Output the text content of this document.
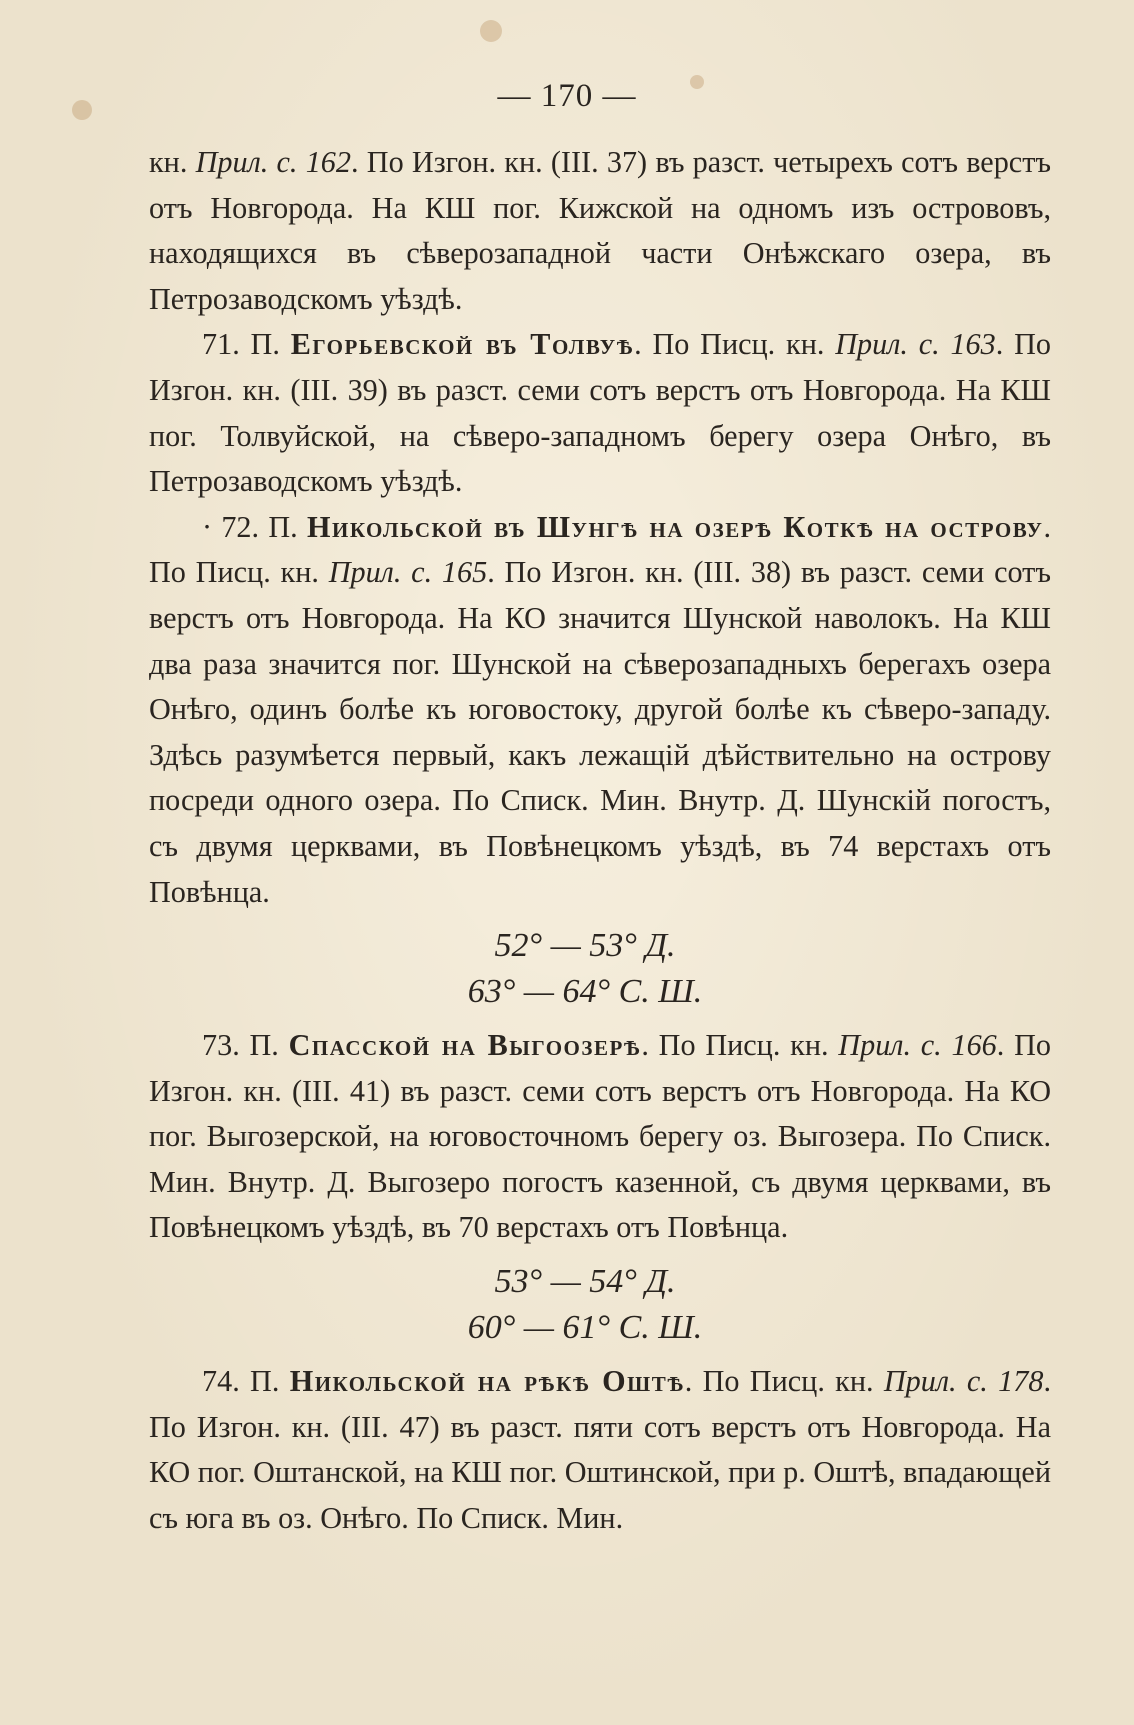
— 170 —

кн. Прил. с. 162. По Изгон. кн. (III. 37) въ разст. четырехъ сотъ верстъ отъ Новгорода. На КШ пог. Кижской на одномъ изъ острововъ, находящихся въ сѣверозападной части Онѣжскаго озера, въ Петрозаводскомъ уѣздѣ.

71. П. Егорьевской въ Толвуѣ. По Писц. кн. Прил. с. 163. По Изгон. кн. (III. 39) въ разст. семи сотъ верстъ отъ Новгорода. На КШ пог. Толвуйской, на сѣверо-западномъ берегу озера Онѣго, въ Петрозаводскомъ уѣздѣ.

· 72. П. Никольской въ Шунгѣ на озерѣ Коткѣ на острову. По Писц. кн. Прил. с. 165. По Изгон. кн. (III. 38) въ разст. семи сотъ верстъ отъ Новгорода. На КО значится Шунской наволокъ. На КШ два раза значится пог. Шунской на сѣверозападныхъ берегахъ озера Онѣго, одинъ болѣе къ юговостоку, другой болѣе къ сѣверо-западу. Здѣсь разумѣется первый, какъ лежащій дѣйствительно на острову посреди одного озера. По Списк. Мин. Внутр. Д. Шунскій погостъ, съ двумя церквами, въ Повѣнецкомъ уѣздѣ, въ 74 верстахъ отъ Повѣнца.

52° — 53° Д.
63° — 64° С. Ш.

73. П. Спасской на Выгоозерѣ. По Писц. кн. Прил. с. 166. По Изгон. кн. (III. 41) въ разст. семи сотъ верстъ отъ Новгорода. На КО пог. Выгозерской, на юговосточномъ берегу оз. Выгозера. По Списк. Мин. Внутр. Д. Выгозеро погостъ казенной, съ двумя церквами, въ Повѣнецкомъ уѣздѣ, въ 70 верстахъ отъ Повѣнца.

53° — 54° Д.
60° — 61° С. Ш.

74. П. Никольской на рѣкѣ Оштѣ. По Писц. кн. Прил. с. 178. По Изгон. кн. (III. 47) въ разст. пяти сотъ верстъ отъ Новгорода. На КО пог. Оштанской, на КШ пог. Оштинской, при р. Оштѣ, впадающей съ юга въ оз. Онѣго. По Списк. Мин.
